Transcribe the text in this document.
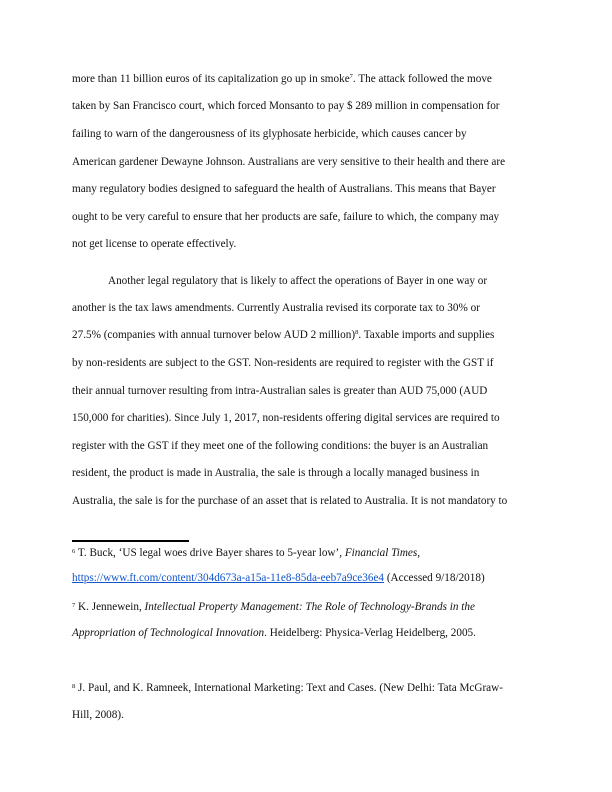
more than 11 billion euros of its capitalization go up in smoke$^7$. The attack followed the move
taken by San Francisco court, which forced Monsanto to pay $ 289 million in compensation for
failing to warn of the dangerousness of its glyphosate herbicide, which causes cancer by
American gardener Dewayne Johnson. Australians are very sensitive to their health and there are
many regulatory bodies designed to safeguard the health of Australians. This means that Bayer
ought to be very careful to ensure that her products are safe, failure to which, the company may
not get license to operate effectively.
Another legal regulatory that is likely to affect the operations of Bayer in one way or
another is the tax laws amendments. Currently Australia revised its corporate tax to 30% or
27.5% (companies with annual turnover below AUD 2 million)$^8$. Taxable imports and supplies
by non-residents are subject to the GST. Non-residents are required to register with the GST if
their annual turnover resulting from intra-Australian sales is greater than AUD 75,000 (AUD
150,000 for charities). Since July 1, 2017, non-residents offering digital services are required to
register with the GST if they meet one of the following conditions: the buyer is an Australian
resident, the product is made in Australia, the sale is through a locally managed business in
Australia, the sale is for the purchase of an asset that is related to Australia. It is not mandatory to
$^6$ T. Buck, ‘US legal woes drive Bayer shares to 5-year low’, Financial Times,
https://www.ft.com/content/304d673a-a15a-11e8-85da-eeb7a9ce36e4 (Accessed 9/18/2018)
$^7$ K. Jennewein, Intellectual Property Management: The Role of Technology-Brands in the
Appropriation of Technological Innovation. Heidelberg: Physica-Verlag Heidelberg, 2005.
$^8$ J. Paul, and K. Ramneek, International Marketing: Text and Cases. (New Delhi: Tata McGraw-
Hill, 2008).
